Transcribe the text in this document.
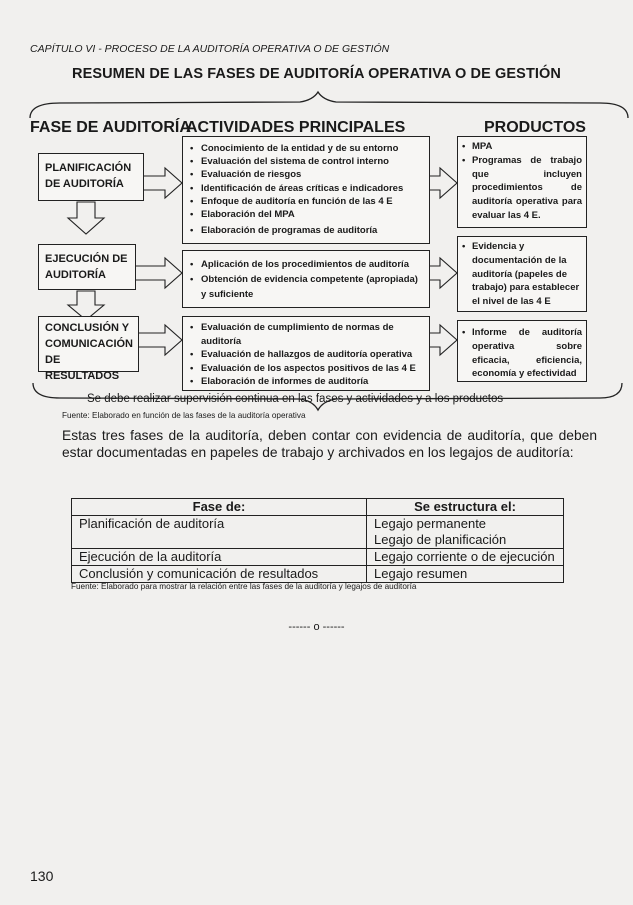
CAPÍTULO VI - PROCESO DE LA AUDITORÍA OPERATIVA O DE GESTIÓN
RESUMEN DE LAS FASES DE AUDITORÍA OPERATIVA O DE GESTIÓN
FASE DE AUDITORÍA
ACTIVIDADES PRINCIPALES	PRODUCTOS
PLANIFICACIÓN
DE AUDITORÍA
EJECUCIÓN DE
AUDITORÍA
CONCLUSIÓN Y
COMUNICACIÓN
DE RESULTADOS
• Conocimiento de la entidad y de su entorno
• Evaluación del sistema de control interno
• Evaluación de riesgos
• Identificación de áreas críticas e indicadores
• Enfoque de auditoría en función de las 4 E
• Elaboración del MPA
• Elaboración de programas de auditoría
• Aplicación de los procedimientos de auditoría
• Obtención de evidencia competente (apropiada) y suficiente
• Evaluación de cumplimiento de normas de auditoría
• Evaluación de hallazgos de auditoría operativa
• Evaluación de los aspectos positivos de las 4 E
• Elaboración de informes de auditoría
• MPA
• Programas de trabajo que incluyen procedimientos de auditoría operativa para evaluar las 4 E.
• Evidencia y documentación de la auditoría (papeles de trabajo) para establecer el nivel de las 4 E
• Informe de auditoría operativa sobre eficacia, eficiencia, economía y efectividad
Se debe realizar supervisión continua en las fases y actividades y a los productos
Fuente: Elaborado en función de las fases de la auditoría operativa
Estas tres fases de la auditoría, deben contar con evidencia de auditoría, que deben estar documentadas en papeles de trabajo y archivados en los legajos de auditoría:
Fase de:	Se estructura el:
Planificación de auditoría	Legajo permanente
	Legajo de planificación
Ejecución de la auditoría	Legajo corriente o de ejecución
Conclusión y comunicación de resultados	Legajo resumen
Fuente: Elaborado para mostrar la relación entre las fases de la auditoría y legajos de auditoría
------ o ------
130
